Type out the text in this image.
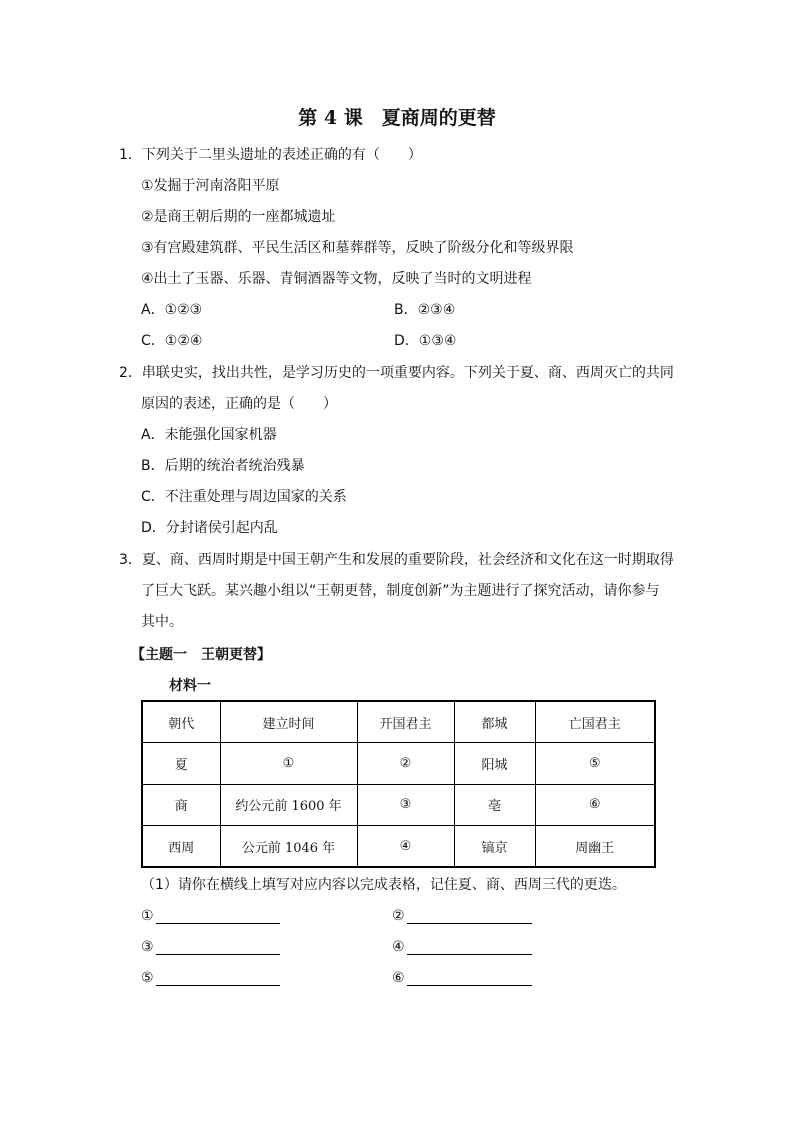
第 4 课　夏商周的更替
1．下列关于二里头遗址的表述正确的有（　　）
①发掘于河南洛阳平原
②是商王朝后期的一座都城遗址
③有宫殿建筑群、平民生活区和墓葬群等，反映了阶级分化和等级界限
④出土了玉器、乐器、青铜酒器等文物，反映了当时的文明进程
A．①②③	B．②③④
C．①②④	D．①③④
2．串联史实，找出共性，是学习历史的一项重要内容。下列关于夏、商、西周灭亡的共同
原因的表述，正确的是（　　）
A．未能强化国家机器
B．后期的统治者统治残暴
C．不注重处理与周边国家的关系
D．分封诸侯引起内乱
3．夏、商、西周时期是中国王朝产生和发展的重要阶段，社会经济和文化在这一时期取得
了巨大飞跃。某兴趣小组以“王朝更替，制度创新”为主题进行了探究活动，请你参与
其中。
【主题一　王朝更替】
材料一
朝代	建立时间	开国君主	都城	亡国君主
夏	①	②	阳城	⑤
商	约公元前 1600 年	③	亳	⑥
西周	公元前 1046 年	④	镐京	周幽王
（1）请你在横线上填写对应内容以完成表格，记住夏、商、西周三代的更迭。
①	②
③	④
⑤	⑥
